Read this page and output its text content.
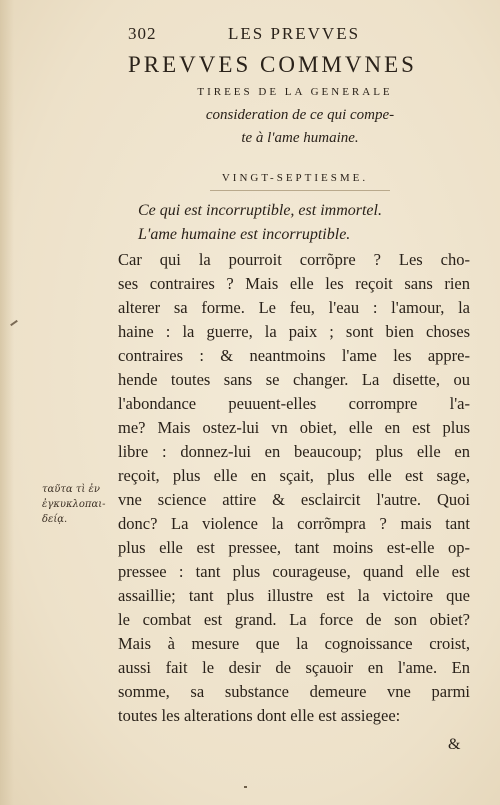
302	LES PREVVES
PREVVES COMMVNES
TIREES DE LA GENERALE
consideration de ce qui compe-
te à l'ame humaine.
VINGT-SEPTIESME.
Ce qui est incorruptible, est immortel.
L'ame humaine est incorruptible.
Car qui la pourroit corrõpre ? Les cho-
ses contraires ? Mais elle les reçoit sans rien
alterer sa forme. Le feu, l'eau : l'amour, la
haine : la guerre, la paix ; sont bien choses
contraires : & neantmoins l'ame les appre-
hende toutes sans se changer. La disette, ou
l'abondance peuuent-elles corrompre l'a-
me? Mais ostez-lui vn obiet, elle en est plus
libre : donnez-lui en beaucoup; plus elle en
reçoit, plus elle en sçait, plus elle est sage,
vne science attire & esclaircit l'autre. Quoi
donc? La violence la corrõmpra ? mais tant
plus elle est pressee, tant moins est-elle op-
pressee : tant plus courageuse, quand elle est
assaillie; tant plus illustre est la victoire que
le combat est grand. La force de son obiet?
Mais à mesure que la cognoissance croist,
aussi fait le desir de sçauoir en l'ame. En
somme, sa substance demeure vne parmi
toutes les alterations dont elle est assiegee:
ταῦτα τὶ ἐν
ἐγκυκλοπαι-
δείᾳ.
&
